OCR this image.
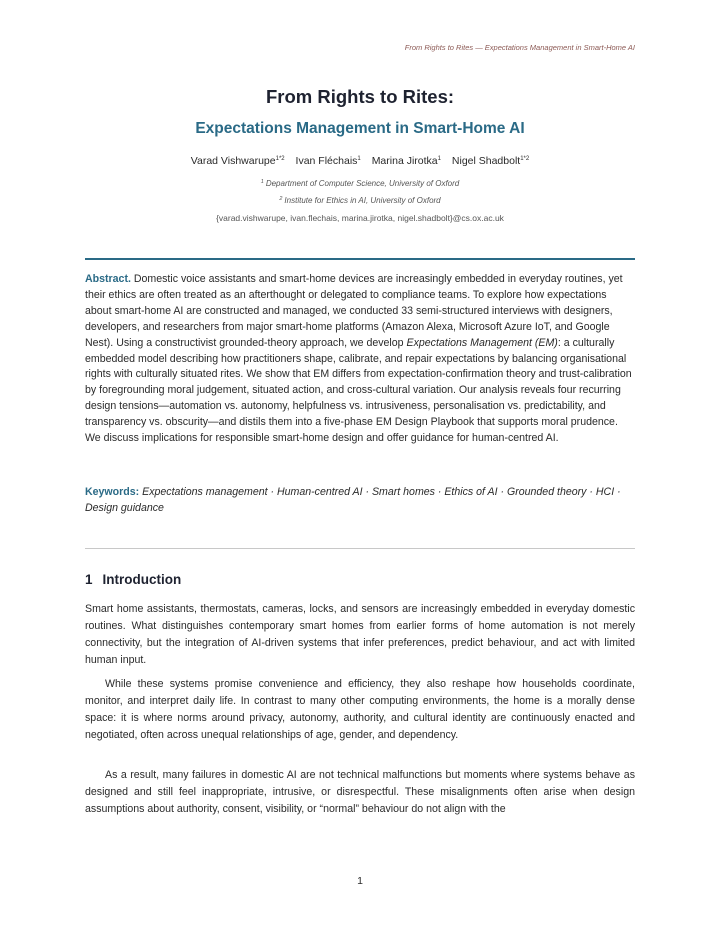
From Rights to Rites — Expectations Management in Smart-Home AI
From Rights to Rites:
Expectations Management in Smart-Home AI
Varad Vishwarupe$^{1*2}$ Ivan Fléchais$^1$ Marina Jirotka$^1$ Nigel Shadbolt$^{1*2}$
$^1$ Department of Computer Science, University of Oxford
$^2$ Institute for Ethics in AI, University of Oxford
{varad.vishwarupe, ivan.flechais, marina.jirotka, nigel.shadbolt}@cs.ox.ac.uk
Abstract. Domestic voice assistants and smart-home devices are increasingly embedded in everyday routines, yet their ethics are often treated as an afterthought or delegated to compliance teams. To explore how expectations about smart-home AI are constructed and managed, we conducted 33 semi-structured interviews with designers, developers, and researchers from major smart-home platforms (Amazon Alexa, Microsoft Azure IoT, and Google Nest). Using a constructivist grounded-theory approach, we develop Expectations Management (EM): a culturally embedded model describing how practitioners shape, calibrate, and repair expectations by balancing organisational rights with culturally situated rites. We show that EM differs from expectation-confirmation theory and trust-calibration by foregrounding moral judgement, situated action, and cross-cultural variation. Our analysis reveals four recurring design tensions—automation vs. autonomy, helpfulness vs. intrusiveness, personalisation vs. predictability, and transparency vs. obscurity—and distils them into a five-phase EM Design Playbook that supports moral prudence. We discuss implications for responsible smart-home design and offer guidance for human-centred AI.
Keywords: Expectations management · Human-centred AI · Smart homes · Ethics of AI · Grounded theory · HCI · Design guidance
1 Introduction

Smart home assistants, thermostats, cameras, locks, and sensors are increasingly embedded in everyday domestic routines. What distinguishes contemporary smart homes from earlier forms of home automation is not merely connectivity, but the integration of AI-driven systems that infer preferences, predict behaviour, and act with limited human input.

While these systems promise convenience and efficiency, they also reshape how households coordinate, monitor, and interpret daily life. In contrast to many other computing environments, the home is a morally dense space: it is where norms around privacy, autonomy, authority, and cultural identity are continuously enacted and negotiated, often across unequal relationships of age, gender, and dependency.

As a result, many failures in domestic AI are not technical malfunctions but moments where systems behave as designed and still feel inappropriate, intrusive, or disrespectful. These misalignments often arise when design assumptions about authority, consent, visibility, or “normal” behaviour do not align with the

1
